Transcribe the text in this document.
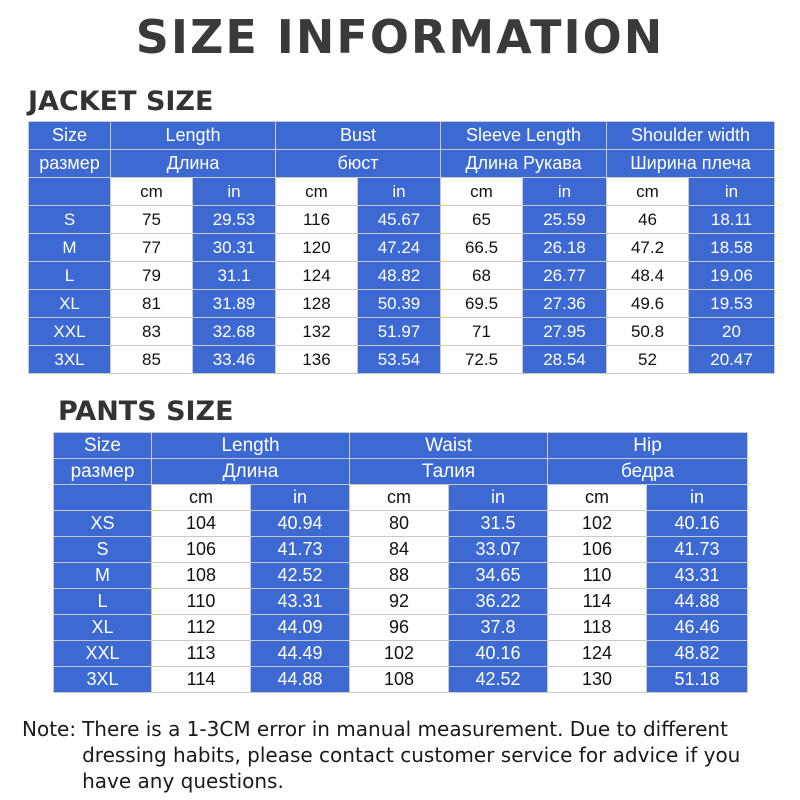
SIZE INFORMATION
JACKET SIZE
Size	Length		Bust		Sleeve Length		Shoulder width	
размер	Длина		бюст		Длина Рукава		Ширина плеча	
	cm	in	cm	in	cm	in	cm	in
S	75	29.53	116	45.67	65	25.59	46	18.11
M	77	30.31	120	47.24	66.5	26.18	47.2	18.58
L	79	31.1	124	48.82	68	26.77	48.4	19.06
XL	81	31.89	128	50.39	69.5	27.36	49.6	19.53
XXL	83	32.68	132	51.97	71	27.95	50.8	20
3XL	85	33.46	136	53.54	72.5	28.54	52	20.47
PANTS SIZE
Size	Length		Waist		Hip	
размер	Длина		Талия		бедра	
	cm	in	cm	in	cm	in
XS	104	40.94	80	31.5	102	40.16
S	106	41.73	84	33.07	106	41.73
M	108	42.52	88	34.65	110	43.31
L	110	43.31	92	36.22	114	44.88
XL	112	44.09	96	37.8	118	46.46
XXL	113	44.49	102	40.16	124	48.82
3XL	114	44.88	108	42.52	130	51.18
Note: There is a 1-3CM error in manual measurement. Due to different dressing habits, please contact customer service for advice if you have any questions.
